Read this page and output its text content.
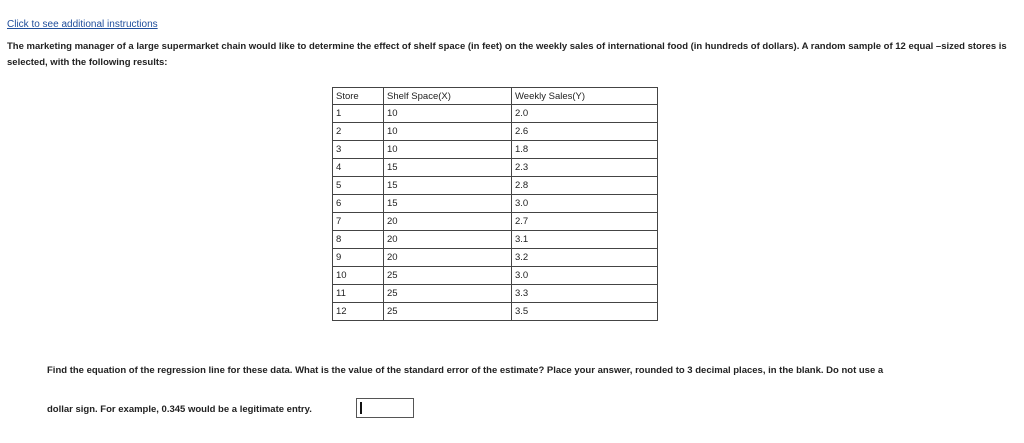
Click to see additional instructions
The marketing manager of a large supermarket chain would like to determine the effect of shelf space (in feet) on the weekly sales of international food (in hundreds of dollars). A random sample of 12 equal –sized stores is selected, with the following results:
Store	Shelf Space(X)	Weekly Sales(Y)
1	10	2.0
2	10	2.6
3	10	1.8
4	15	2.3
5	15	2.8
6	15	3.0
7	20	2.7
8	20	3.1
9	20	3.2
10	25	3.0
11	25	3.3
12	25	3.5
Find the equation of the regression line for these data. What is the value of the standard error of the estimate? Place your answer, rounded to 3 decimal places, in the blank. Do not use a
dollar sign. For example, 0.345 would be a legitimate entry.
